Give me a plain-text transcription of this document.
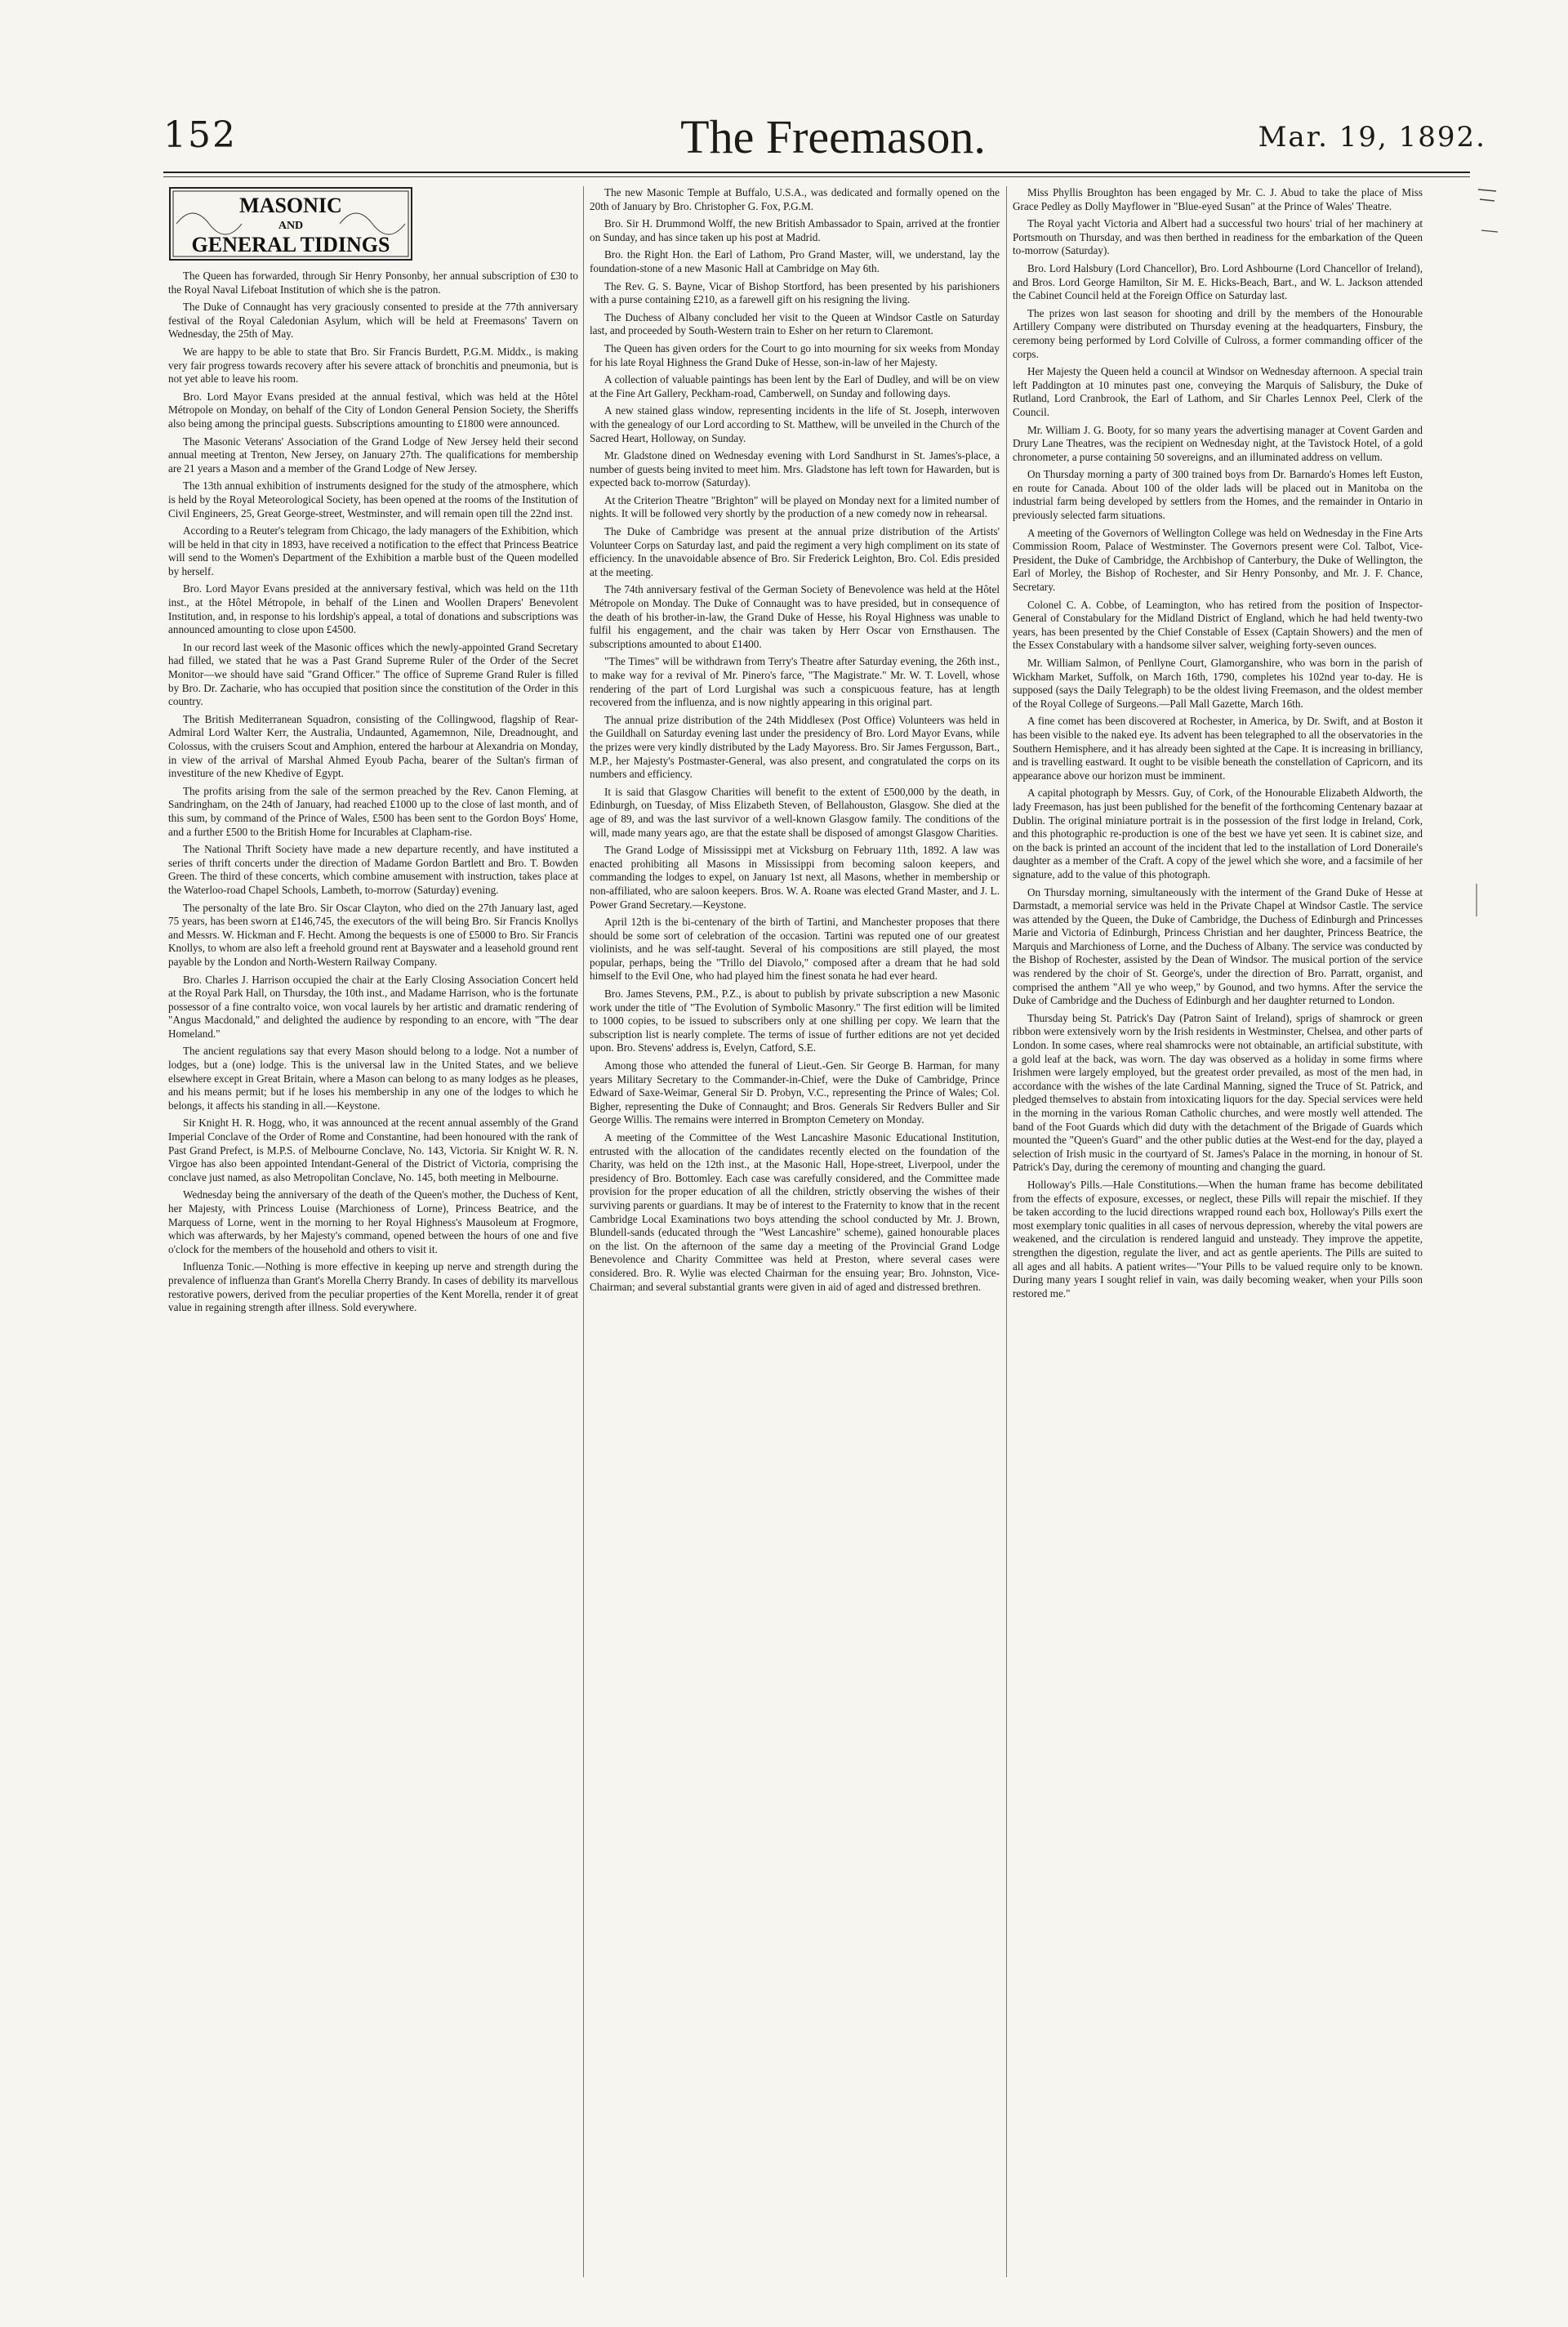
152	The Freemason.	Mar. 19, 1892.
MASONIC
AND
GENERAL TIDINGS

The Queen has forwarded, through Sir Henry Ponsonby, her annual subscription of £30 to the Royal Naval Lifeboat Institution of which she is the patron.

The Duke of Connaught has very graciously consented to preside at the 77th anniversary festival of the Royal Caledonian Asylum, which will be held at Freemasons' Tavern on Wednesday, the 25th of May.

We are happy to be able to state that Bro. Sir Francis Burdett, P.G.M. Middx., is making very fair progress towards recovery after his severe attack of bronchitis and pneumonia, but is not yet able to leave his room.

Bro. Lord Mayor Evans presided at the annual festival, which was held at the Hôtel Métropole on Monday, on behalf of the City of London General Pension Society, the Sheriffs also being among the principal guests. Subscriptions amounting to £1800 were announced.

The Masonic Veterans' Association of the Grand Lodge of New Jersey held their second annual meeting at Trenton, New Jersey, on January 27th. The qualifications for membership are 21 years a Mason and a member of the Grand Lodge of New Jersey.

The 13th annual exhibition of instruments designed for the study of the atmosphere, which is held by the Royal Meteorological Society, has been opened at the rooms of the Institution of Civil Engineers, 25, Great George-street, Westminster, and will remain open till the 22nd inst.

According to a Reuter's telegram from Chicago, the lady managers of the Exhibition, which will be held in that city in 1893, have received a notification to the effect that Princess Beatrice will send to the Women's Department of the Exhibition a marble bust of the Queen modelled by herself.

Bro. Lord Mayor Evans presided at the anniversary festival, which was held on the 11th inst., at the Hôtel Métropole, in behalf of the Linen and Woollen Drapers' Benevolent Institution, and, in response to his lordship's appeal, a total of donations and subscriptions was announced amounting to close upon £4500.

In our record last week of the Masonic offices which the newly-appointed Grand Secretary had filled, we stated that he was a Past Grand Supreme Ruler of the Order of the Secret Monitor—we should have said "Grand Officer." The office of Supreme Grand Ruler is filled by Bro. Dr. Zacharie, who has occupied that position since the constitution of the Order in this country.

The British Mediterranean Squadron, consisting of the Collingwood, flagship of Rear-Admiral Lord Walter Kerr, the Australia, Undaunted, Agamemnon, Nile, Dreadnought, and Colossus, with the cruisers Scout and Amphion, entered the harbour at Alexandria on Monday, in view of the arrival of Marshal Ahmed Eyoub Pacha, bearer of the Sultan's firman of investiture of the new Khedive of Egypt.

The profits arising from the sale of the sermon preached by the Rev. Canon Fleming, at Sandringham, on the 24th of January, had reached £1000 up to the close of last month, and of this sum, by command of the Prince of Wales, £500 has been sent to the Gordon Boys' Home, and a further £500 to the British Home for Incurables at Clapham-rise.

The National Thrift Society have made a new departure recently, and have instituted a series of thrift concerts under the direction of Madame Gordon Bartlett and Bro. T. Bowden Green. The third of these concerts, which combine amusement with instruction, takes place at the Waterloo-road Chapel Schools, Lambeth, to-morrow (Saturday) evening.

The personalty of the late Bro. Sir Oscar Clayton, who died on the 27th January last, aged 75 years, has been sworn at £146,745, the executors of the will being Bro. Sir Francis Knollys and Messrs. W. Hickman and F. Hecht. Among the bequests is one of £5000 to Bro. Sir Francis Knollys, to whom are also left a freehold ground rent at Bayswater and a leasehold ground rent payable by the London and North-Western Railway Company.

Bro. Charles J. Harrison occupied the chair at the Early Closing Association Concert held at the Royal Park Hall, on Thursday, the 10th inst., and Madame Harrison, who is the fortunate possessor of a fine contralto voice, won vocal laurels by her artistic and dramatic rendering of "Angus Macdonald," and delighted the audience by responding to an encore, with "The dear Homeland."

The ancient regulations say that every Mason should belong to a lodge. Not a number of lodges, but a (one) lodge. This is the universal law in the United States, and we believe elsewhere except in Great Britain, where a Mason can belong to as many lodges as he pleases, and his means permit; but if he loses his membership in any one of the lodges to which he belongs, it affects his standing in all.—Keystone.

Sir Knight H. R. Hogg, who, it was announced at the recent annual assembly of the Grand Imperial Conclave of the Order of Rome and Constantine, had been honoured with the rank of Past Grand Prefect, is M.P.S. of Melbourne Conclave, No. 143, Victoria. Sir Knight W. R. N. Virgoe has also been appointed Intendant-General of the District of Victoria, comprising the conclave just named, as also Metropolitan Conclave, No. 145, both meeting in Melbourne.

Wednesday being the anniversary of the death of the Queen's mother, the Duchess of Kent, her Majesty, with Princess Louise (Marchioness of Lorne), Princess Beatrice, and the Marquess of Lorne, went in the morning to her Royal Highness's Mausoleum at Frogmore, which was afterwards, by her Majesty's command, opened between the hours of one and five o'clock for the members of the household and others to visit it.

Influenza Tonic.—Nothing is more effective in keeping up nerve and strength during the prevalence of influenza than Grant's Morella Cherry Brandy. In cases of debility its marvellous restorative powers, derived from the peculiar properties of the Kent Morella, render it of great value in regaining strength after illness. Sold everywhere.

The new Masonic Temple at Buffalo, U.S.A., was dedicated and formally opened on the 20th of January by Bro. Christopher G. Fox, P.G.M.

Bro. Sir H. Drummond Wolff, the new British Ambassador to Spain, arrived at the frontier on Sunday, and has since taken up his post at Madrid.

Bro. the Right Hon. the Earl of Lathom, Pro Grand Master, will, we understand, lay the foundation-stone of a new Masonic Hall at Cambridge on May 6th.

The Rev. G. S. Bayne, Vicar of Bishop Stortford, has been presented by his parishioners with a purse containing £210, as a farewell gift on his resigning the living.

The Duchess of Albany concluded her visit to the Queen at Windsor Castle on Saturday last, and proceeded by South-Western train to Esher on her return to Claremont.

The Queen has given orders for the Court to go into mourning for six weeks from Monday for his late Royal Highness the Grand Duke of Hesse, son-in-law of her Majesty.

A collection of valuable paintings has been lent by the Earl of Dudley, and will be on view at the Fine Art Gallery, Peckham-road, Camberwell, on Sunday and following days.

A new stained glass window, representing incidents in the life of St. Joseph, interwoven with the genealogy of our Lord according to St. Matthew, will be unveiled in the Church of the Sacred Heart, Holloway, on Sunday.

Mr. Gladstone dined on Wednesday evening with Lord Sandhurst in St. James's-place, a number of guests being invited to meet him. Mrs. Gladstone has left town for Hawarden, but is expected back to-morrow (Saturday).

At the Criterion Theatre "Brighton" will be played on Monday next for a limited number of nights. It will be followed very shortly by the production of a new comedy now in rehearsal.

The Duke of Cambridge was present at the annual prize distribution of the Artists' Volunteer Corps on Saturday last, and paid the regiment a very high compliment on its state of efficiency. In the unavoidable absence of Bro. Sir Frederick Leighton, Bro. Col. Edis presided at the meeting.

The 74th anniversary festival of the German Society of Benevolence was held at the Hôtel Métropole on Monday. The Duke of Connaught was to have presided, but in consequence of the death of his brother-in-law, the Grand Duke of Hesse, his Royal Highness was unable to fulfil his engagement, and the chair was taken by Herr Oscar von Ernsthausen. The subscriptions amounted to about £1400.

"The Times" will be withdrawn from Terry's Theatre after Saturday evening, the 26th inst., to make way for a revival of Mr. Pinero's farce, "The Magistrate." Mr. W. T. Lovell, whose rendering of the part of Lord Lurgishal was such a conspicuous feature, has at length recovered from the influenza, and is now nightly appearing in this original part.

The annual prize distribution of the 24th Middlesex (Post Office) Volunteers was held in the Guildhall on Saturday evening last under the presidency of Bro. Lord Mayor Evans, while the prizes were very kindly distributed by the Lady Mayoress. Bro. Sir James Fergusson, Bart., M.P., her Majesty's Postmaster-General, was also present, and congratulated the corps on its numbers and efficiency.

It is said that Glasgow Charities will benefit to the extent of £500,000 by the death, in Edinburgh, on Tuesday, of Miss Elizabeth Steven, of Bellahouston, Glasgow. She died at the age of 89, and was the last survivor of a well-known Glasgow family. The conditions of the will, made many years ago, are that the estate shall be disposed of amongst Glasgow Charities.

The Grand Lodge of Mississippi met at Vicksburg on February 11th, 1892. A law was enacted prohibiting all Masons in Mississippi from becoming saloon keepers, and commanding the lodges to expel, on January 1st next, all Masons, whether in membership or non-affiliated, who are saloon keepers. Bros. W. A. Roane was elected Grand Master, and J. L. Power Grand Secretary.—Keystone.

April 12th is the bi-centenary of the birth of Tartini, and Manchester proposes that there should be some sort of celebration of the occasion. Tartini was reputed one of our greatest violinists, and he was self-taught. Several of his compositions are still played, the most popular, perhaps, being the "Trillo del Diavolo," composed after a dream that he had sold himself to the Evil One, who had played him the finest sonata he had ever heard.

Bro. James Stevens, P.M., P.Z., is about to publish by private subscription a new Masonic work under the title of "The Evolution of Symbolic Masonry." The first edition will be limited to 1000 copies, to be issued to subscribers only at one shilling per copy. We learn that the subscription list is nearly complete. The terms of issue of further editions are not yet decided upon. Bro. Stevens' address is, Evelyn, Catford, S.E.

Among those who attended the funeral of Lieut.-Gen. Sir George B. Harman, for many years Military Secretary to the Commander-in-Chief, were the Duke of Cambridge, Prince Edward of Saxe-Weimar, General Sir D. Probyn, V.C., representing the Prince of Wales; Col. Bigher, representing the Duke of Connaught; and Bros. Generals Sir Redvers Buller and Sir George Willis. The remains were interred in Brompton Cemetery on Monday.

A meeting of the Committee of the West Lancashire Masonic Educational Institution, entrusted with the allocation of the candidates recently elected on the foundation of the Charity, was held on the 12th inst., at the Masonic Hall, Hope-street, Liverpool, under the presidency of Bro. Bottomley. Each case was carefully considered, and the Committee made provision for the proper education of all the children, strictly observing the wishes of their surviving parents or guardians. It may be of interest to the Fraternity to know that in the recent Cambridge Local Examinations two boys attending the school conducted by Mr. J. Brown, Blundell-sands (educated through the "West Lancashire" scheme), gained honourable places on the list. On the afternoon of the same day a meeting of the Provincial Grand Lodge Benevolence and Charity Committee was held at Preston, where several cases were considered. Bro. R. Wylie was elected Chairman for the ensuing year; Bro. Johnston, Vice-Chairman; and several substantial grants were given in aid of aged and distressed brethren.

Miss Phyllis Broughton has been engaged by Mr. C. J. Abud to take the place of Miss Grace Pedley as Dolly Mayflower in "Blue-eyed Susan" at the Prince of Wales' Theatre.

The Royal yacht Victoria and Albert had a successful two hours' trial of her machinery at Portsmouth on Thursday, and was then berthed in readiness for the embarkation of the Queen to-morrow (Saturday).

Bro. Lord Halsbury (Lord Chancellor), Bro. Lord Ashbourne (Lord Chancellor of Ireland), and Bros. Lord George Hamilton, Sir M. E. Hicks-Beach, Bart., and W. L. Jackson attended the Cabinet Council held at the Foreign Office on Saturday last.

The prizes won last season for shooting and drill by the members of the Honourable Artillery Company were distributed on Thursday evening at the headquarters, Finsbury, the ceremony being performed by Lord Colville of Culross, a former commanding officer of the corps.

Her Majesty the Queen held a council at Windsor on Wednesday afternoon. A special train left Paddington at 10 minutes past one, conveying the Marquis of Salisbury, the Duke of Rutland, Lord Cranbrook, the Earl of Lathom, and Sir Charles Lennox Peel, Clerk of the Council.

Mr. William J. G. Booty, for so many years the advertising manager at Covent Garden and Drury Lane Theatres, was the recipient on Wednesday night, at the Tavistock Hotel, of a gold chronometer, a purse containing 50 sovereigns, and an illuminated address on vellum.

On Thursday morning a party of 300 trained boys from Dr. Barnardo's Homes left Euston, en route for Canada. About 100 of the older lads will be placed out in Manitoba on the industrial farm being developed by settlers from the Homes, and the remainder in Ontario in previously selected farm situations.

A meeting of the Governors of Wellington College was held on Wednesday in the Fine Arts Commission Room, Palace of Westminster. The Governors present were Col. Talbot, Vice-President, the Duke of Cambridge, the Archbishop of Canterbury, the Duke of Wellington, the Earl of Morley, the Bishop of Rochester, and Sir Henry Ponsonby, and Mr. J. F. Chance, Secretary.

Colonel C. A. Cobbe, of Leamington, who has retired from the position of Inspector-General of Constabulary for the Midland District of England, which he had held twenty-two years, has been presented by the Chief Constable of Essex (Captain Showers) and the men of the Essex Constabulary with a handsome silver salver, weighing forty-seven ounces.

Mr. William Salmon, of Penllyne Court, Glamorganshire, who was born in the parish of Wickham Market, Suffolk, on March 16th, 1790, completes his 102nd year to-day. He is supposed (says the Daily Telegraph) to be the oldest living Freemason, and the oldest member of the Royal College of Surgeons.—Pall Mall Gazette, March 16th.

A fine comet has been discovered at Rochester, in America, by Dr. Swift, and at Boston it has been visible to the naked eye. Its advent has been telegraphed to all the observatories in the Southern Hemisphere, and it has already been sighted at the Cape. It is increasing in brilliancy, and is travelling eastward. It ought to be visible beneath the constellation of Capricorn, and its appearance above our horizon must be imminent.

A capital photograph by Messrs. Guy, of Cork, of the Honourable Elizabeth Aldworth, the lady Freemason, has just been published for the benefit of the forthcoming Centenary bazaar at Dublin. The original miniature portrait is in the possession of the first lodge in Ireland, Cork, and this photographic re-production is one of the best we have yet seen. It is cabinet size, and on the back is printed an account of the incident that led to the installation of Lord Doneraile's daughter as a member of the Craft. A copy of the jewel which she wore, and a facsimile of her signature, add to the value of this photograph.

On Thursday morning, simultaneously with the interment of the Grand Duke of Hesse at Darmstadt, a memorial service was held in the Private Chapel at Windsor Castle. The service was attended by the Queen, the Duke of Cambridge, the Duchess of Edinburgh and Princesses Marie and Victoria of Edinburgh, Princess Christian and her daughter, Princess Beatrice, the Marquis and Marchioness of Lorne, and the Duchess of Albany. The service was conducted by the Bishop of Rochester, assisted by the Dean of Windsor. The musical portion of the service was rendered by the choir of St. George's, under the direction of Bro. Parratt, organist, and comprised the anthem "All ye who weep," by Gounod, and two hymns. After the service the Duke of Cambridge and the Duchess of Edinburgh and her daughter returned to London.

Thursday being St. Patrick's Day (Patron Saint of Ireland), sprigs of shamrock or green ribbon were extensively worn by the Irish residents in Westminster, Chelsea, and other parts of London. In some cases, where real shamrocks were not obtainable, an artificial substitute, with a gold leaf at the back, was worn. The day was observed as a holiday in some firms where Irishmen were largely employed, but the greatest order prevailed, as most of the men had, in accordance with the wishes of the late Cardinal Manning, signed the Truce of St. Patrick, and pledged themselves to abstain from intoxicating liquors for the day. Special services were held in the morning in the various Roman Catholic churches, and were mostly well attended. The band of the Foot Guards which did duty with the detachment of the Brigade of Guards which mounted the "Queen's Guard" and the other public duties at the West-end for the day, played a selection of Irish music in the courtyard of St. James's Palace in the morning, in honour of St. Patrick's Day, during the ceremony of mounting and changing the guard.

Holloway's Pills.—Hale Constitutions.—When the human frame has become debilitated from the effects of exposure, excesses, or neglect, these Pills will repair the mischief. If they be taken according to the lucid directions wrapped round each box, Holloway's Pills exert the most exemplary tonic qualities in all cases of nervous depression, whereby the vital powers are weakened, and the circulation is rendered languid and unsteady. They improve the appetite, strengthen the digestion, regulate the liver, and act as gentle aperients. The Pills are suited to all ages and all habits. A patient writes—"Your Pills to be valued require only to be known. During many years I sought relief in vain, was daily becoming weaker, when your Pills soon restored me."
